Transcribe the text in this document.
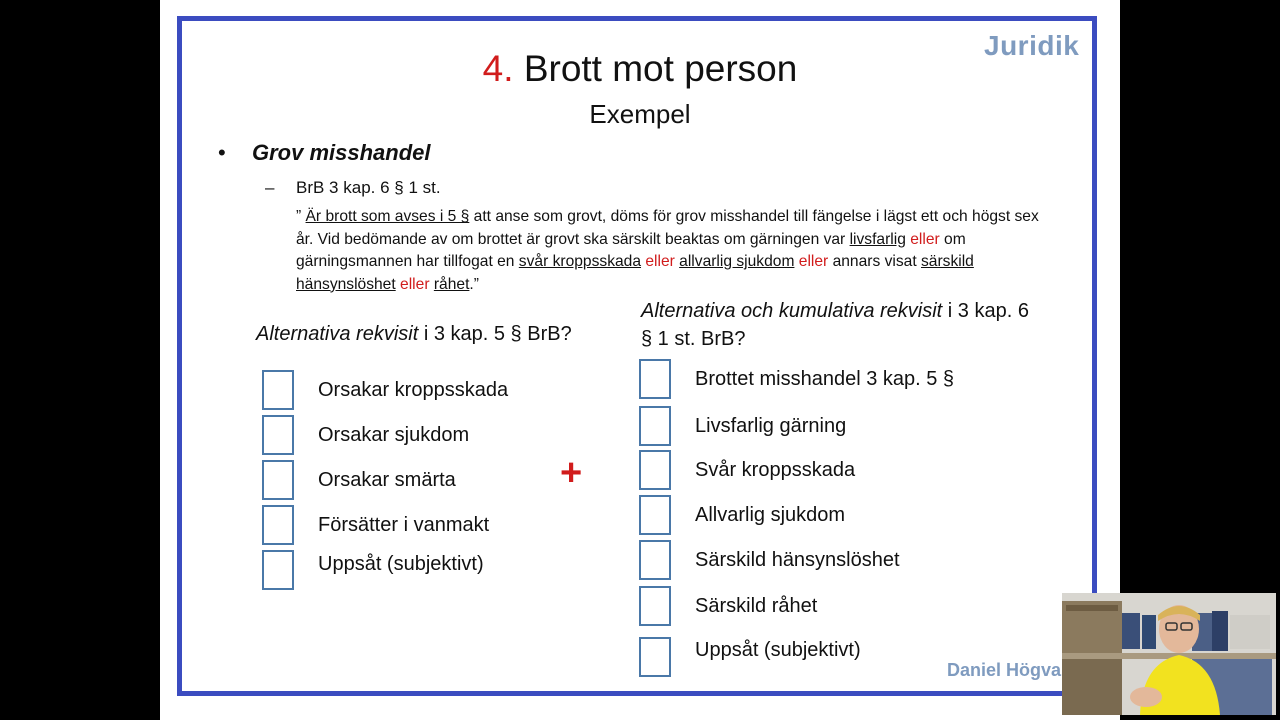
Juridik
4. Brott mot person
Exempel
• Grov misshandel
– BrB 3 kap. 6 § 1 st.
” Är brott som avses i 5 § att anse som grovt, döms för grov misshandel till fängelse i lägst ett och högst sex år. Vid bedömande av om brottet är grovt ska särskilt beaktas om gärningen var livsfarlig eller om gärningsmannen har tillfogat en svår kroppsskada eller allvarlig sjukdom eller annars visat särskild hänsynslöshet eller råhet.”
Alternativa rekvisit i 3 kap. 5 § BrB?
Orsakar kroppsskada
Orsakar sjukdom
Orsakar smärta
Försätter i vanmakt
Uppsåt (subjektivt)
+
Alternativa och kumulativa rekvisit i 3 kap. 6
§ 1 st. BrB?
Brottet misshandel 3 kap. 5 §
Livsfarlig gärning
Svår kroppsskada
Allvarlig sjukdom
Särskild hänsynslöshet
Särskild råhet
Uppsåt (subjektivt)
Daniel Högva
